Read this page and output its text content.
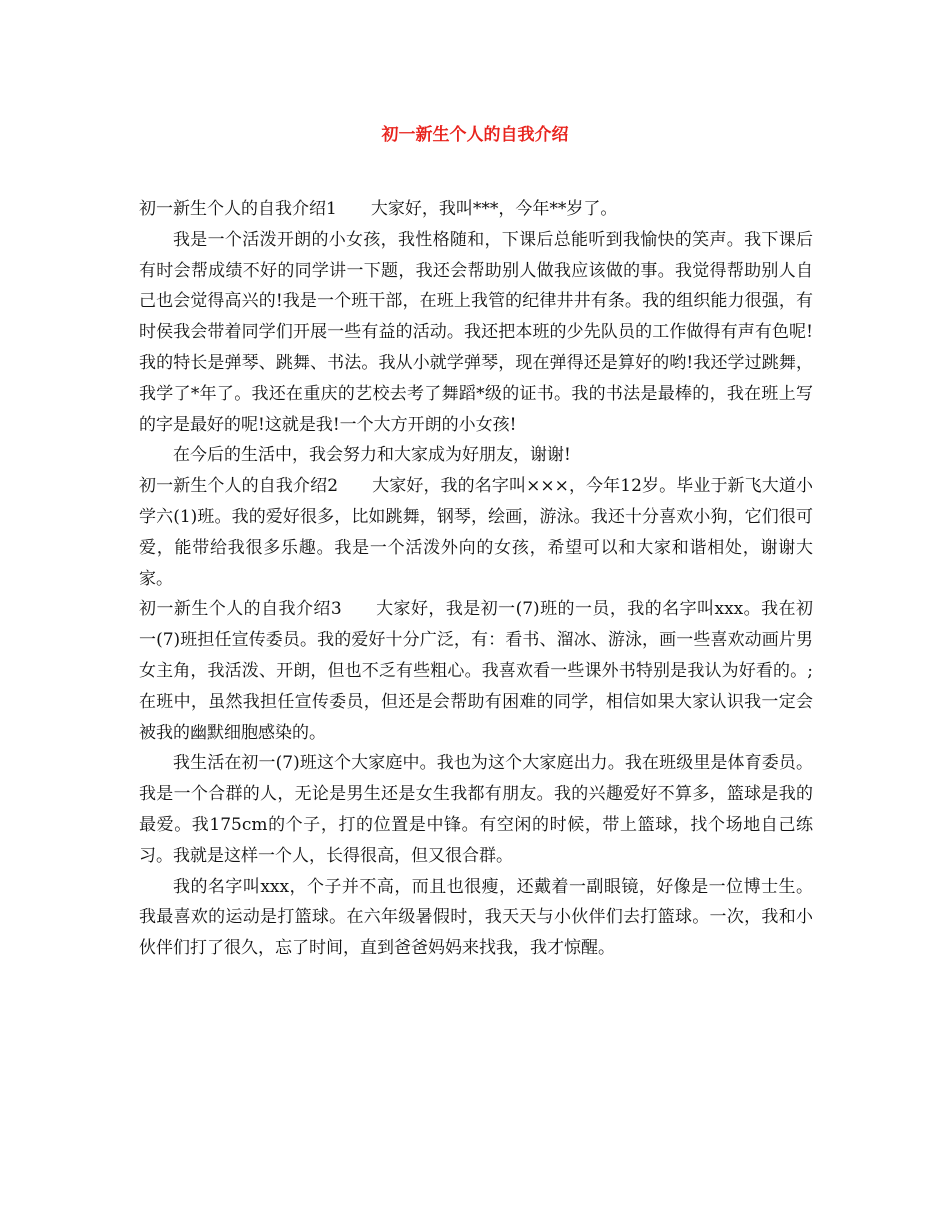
初一新生个人的自我介绍

初一新生个人的自我介绍1 大家好，我叫***，今年**岁了。

我是一个活泼开朗的小女孩，我性格随和，下课后总能听到我愉快的笑声。我下课后有时会帮成绩不好的同学讲一下题，我还会帮助别人做我应该做的事。我觉得帮助别人自己也会觉得高兴的!我是一个班干部，在班上我管的纪律井井有条。我的组织能力很强，有时侯我会带着同学们开展一些有益的活动。我还把本班的少先队员的工作做得有声有色呢!我的特长是弹琴、跳舞、书法。我从小就学弹琴，现在弹得还是算好的哟!我还学过跳舞，我学了*年了。我还在重庆的艺校去考了舞蹈*级的证书。我的书法是最棒的，我在班上写的字是最好的呢!这就是我!一个大方开朗的小女孩!

在今后的生活中，我会努力和大家成为好朋友，谢谢!

初一新生个人的自我介绍2 大家好，我的名字叫×××，今年12岁。毕业于新飞大道小学六(1)班。我的爱好很多，比如跳舞，钢琴，绘画，游泳。我还十分喜欢小狗，它们很可爱，能带给我很多乐趣。我是一个活泼外向的女孩，希望可以和大家和谐相处，谢谢大家。

初一新生个人的自我介绍3 大家好，我是初一(7)班的一员，我的名字叫xxx。我在初一(7)班担任宣传委员。我的爱好十分广泛，有：看书、溜冰、游泳，画一些喜欢动画片男女主角，我活泼、开朗，但也不乏有些粗心。我喜欢看一些课外书特别是我认为好看的。;在班中，虽然我担任宣传委员，但还是会帮助有困难的同学，相信如果大家认识我一定会被我的幽默细胞感染的。

我生活在初一(7)班这个大家庭中。我也为这个大家庭出力。我在班级里是体育委员。我是一个合群的人，无论是男生还是女生我都有朋友。我的兴趣爱好不算多，篮球是我的最爱。我175cm的个子，打的位置是中锋。有空闲的时候，带上篮球，找个场地自己练习。我就是这样一个人，长得很高，但又很合群。

我的名字叫xxx，个子并不高，而且也很瘦，还戴着一副眼镜，好像是一位博士生。我最喜欢的运动是打篮球。在六年级暑假时，我天天与小伙伴们去打篮球。一次，我和小伙伴们打了很久，忘了时间，直到爸爸妈妈来找我，我才惊醒。
